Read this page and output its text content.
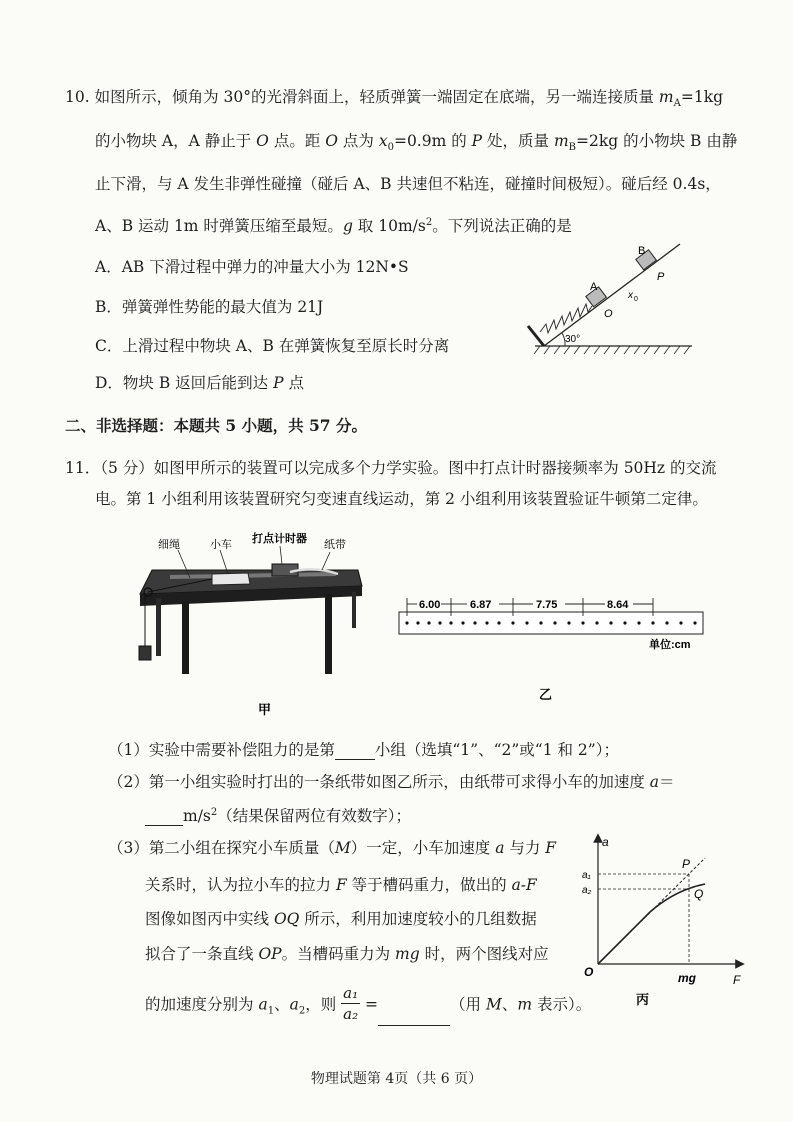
10. 如图所示，倾角为 30°的光滑斜面上，轻质弹簧一端固定在底端，另一端连接质量 $m_A=1kg$
的小物块 A，A 静止于 O 点。距 O 点为 $x_0=0.9m$ 的 P 处，质量 $m_B=2kg$ 的小物块 B 由静
止下滑，与 A 发生非弹性碰撞（碰后 A、B 共速但不粘连，碰撞时间极短）。碰后经 0.4s，
A、B 运动 1m 时弹簧压缩至最短。g 取 $10m/s^2$。下列说法正确的是
A．AB 下滑过程中弹力的冲量大小为 12N•S
B．弹簧弹性势能的最大值为 21J
C．上滑过程中物块 A、B 在弹簧恢复至原长时分离
D．物块 B 返回后能到达 P 点
B
P
A
x 0
O
30°
二、非选择题：本题共 5 小题，共 57 分。
11．（5 分）如图甲所示的装置可以完成多个力学实验。图中打点计时器接频率为 50Hz 的交流
电。第 1 小组利用该装置研究匀变速直线运动，第 2 小组利用该装置验证牛顿第二定律。
细绳	小车 打点计时器 纸带
甲
6.00	6.87	7.75	8.64
单位:cm
乙
（1）实验中需要补偿阻力的是第	小组（选填“1”、“2”或“1 和 2”）；
（2）第一小组实验时打出的一条纸带如图乙所示，由纸带可求得小车的加速度 a＝
$m/s^2$（结果保留两位有效数字）；
（3）第二小组在探究小车质量（M）一定，小车加速度 a 与力 F
关系时，认为拉小车的拉力 F 等于槽码重力，做出的 a-F
图像如图丙中实线 OQ 所示，利用加速度较小的几组数据
拟合了一条直线 OP。当槽码重力为 mg 时，两个图线对应
的加速度分别为 $a_1$、$a_2$，则 $\frac{\text{a₁}}{\text{a₂}}$ =	（用 M、m 表示）。
a
P
a₁
a₂	Q
O	mg	F
丙
物理试题第 4页（共 6 页）
